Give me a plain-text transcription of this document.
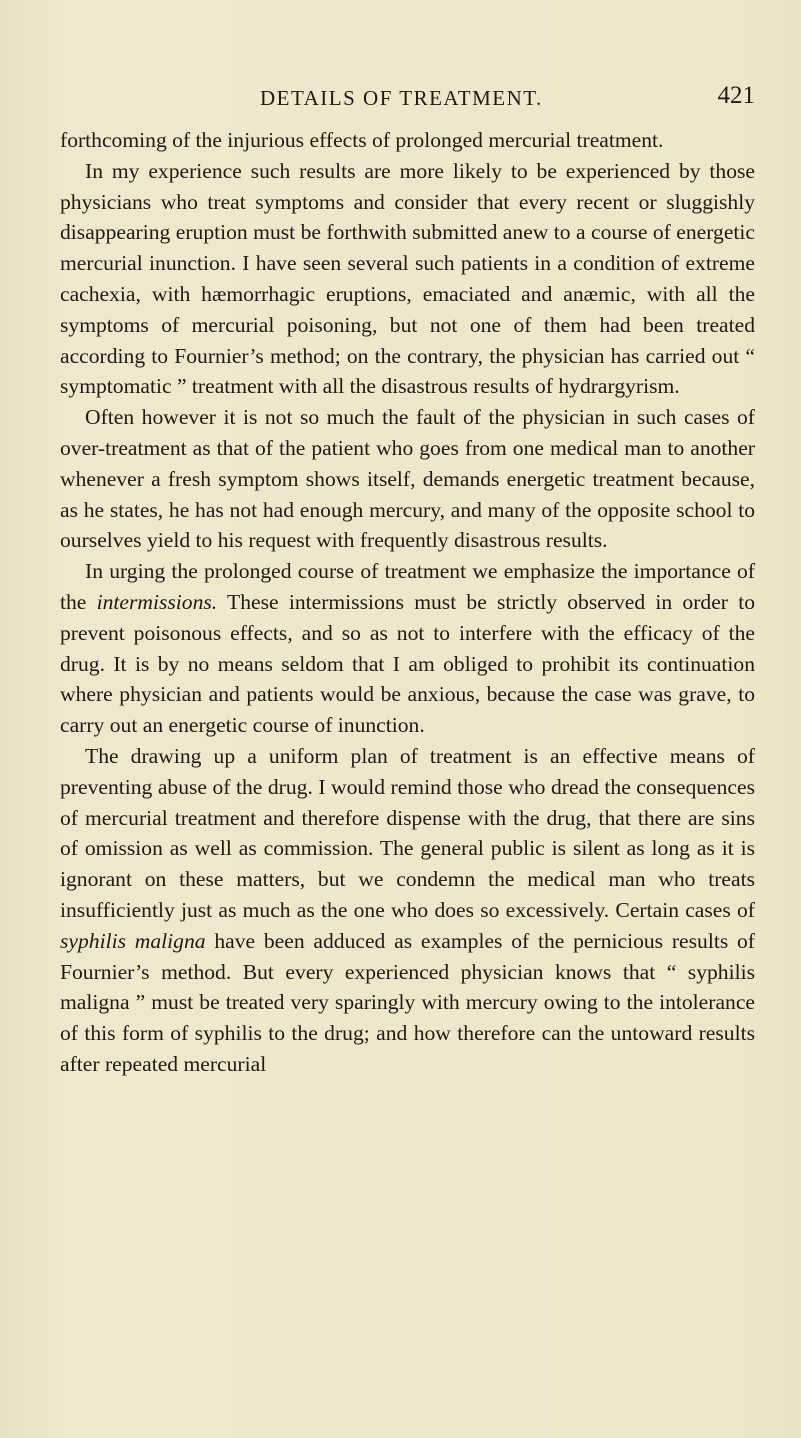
DETAILS OF TREATMENT.	421

forthcoming of the injurious effects of prolonged mercurial treatment.

In my experience such results are more likely to be experienced by those physicians who treat symptoms and consider that every recent or sluggishly disappearing eruption must be forthwith submitted anew to a course of energetic mercurial inunction. I have seen several such patients in a condition of extreme cachexia, with hæmorrhagic eruptions, emaciated and anæmic, with all the symptoms of mercurial poisoning, but not one of them had been treated according to Fournier’s method; on the contrary, the physician has carried out “ symptomatic ” treatment with all the disastrous results of hydrargyrism.

Often however it is not so much the fault of the physician in such cases of over-treatment as that of the patient who goes from one medical man to another whenever a fresh symptom shows itself, demands energetic treatment because, as he states, he has not had enough mercury, and many of the opposite school to ourselves yield to his request with frequently disastrous results.

In urging the prolonged course of treatment we emphasize the importance of the intermissions. These intermissions must be strictly observed in order to prevent poisonous effects, and so as not to interfere with the efficacy of the drug. It is by no means seldom that I am obliged to prohibit its continuation where physician and patients would be anxious, because the case was grave, to carry out an energetic course of inunction.

The drawing up a uniform plan of treatment is an effective means of preventing abuse of the drug. I would remind those who dread the consequences of mercurial treatment and therefore dispense with the drug, that there are sins of omission as well as commission. The general public is silent as long as it is ignorant on these matters, but we condemn the medical man who treats insufficiently just as much as the one who does so excessively. Certain cases of syphilis maligna have been adduced as examples of the pernicious results of Fournier’s method. But every experienced physician knows that “ syphilis maligna ” must be treated very sparingly with mercury owing to the intolerance of this form of syphilis to the drug; and how therefore can the untoward results after repeated mercurial
